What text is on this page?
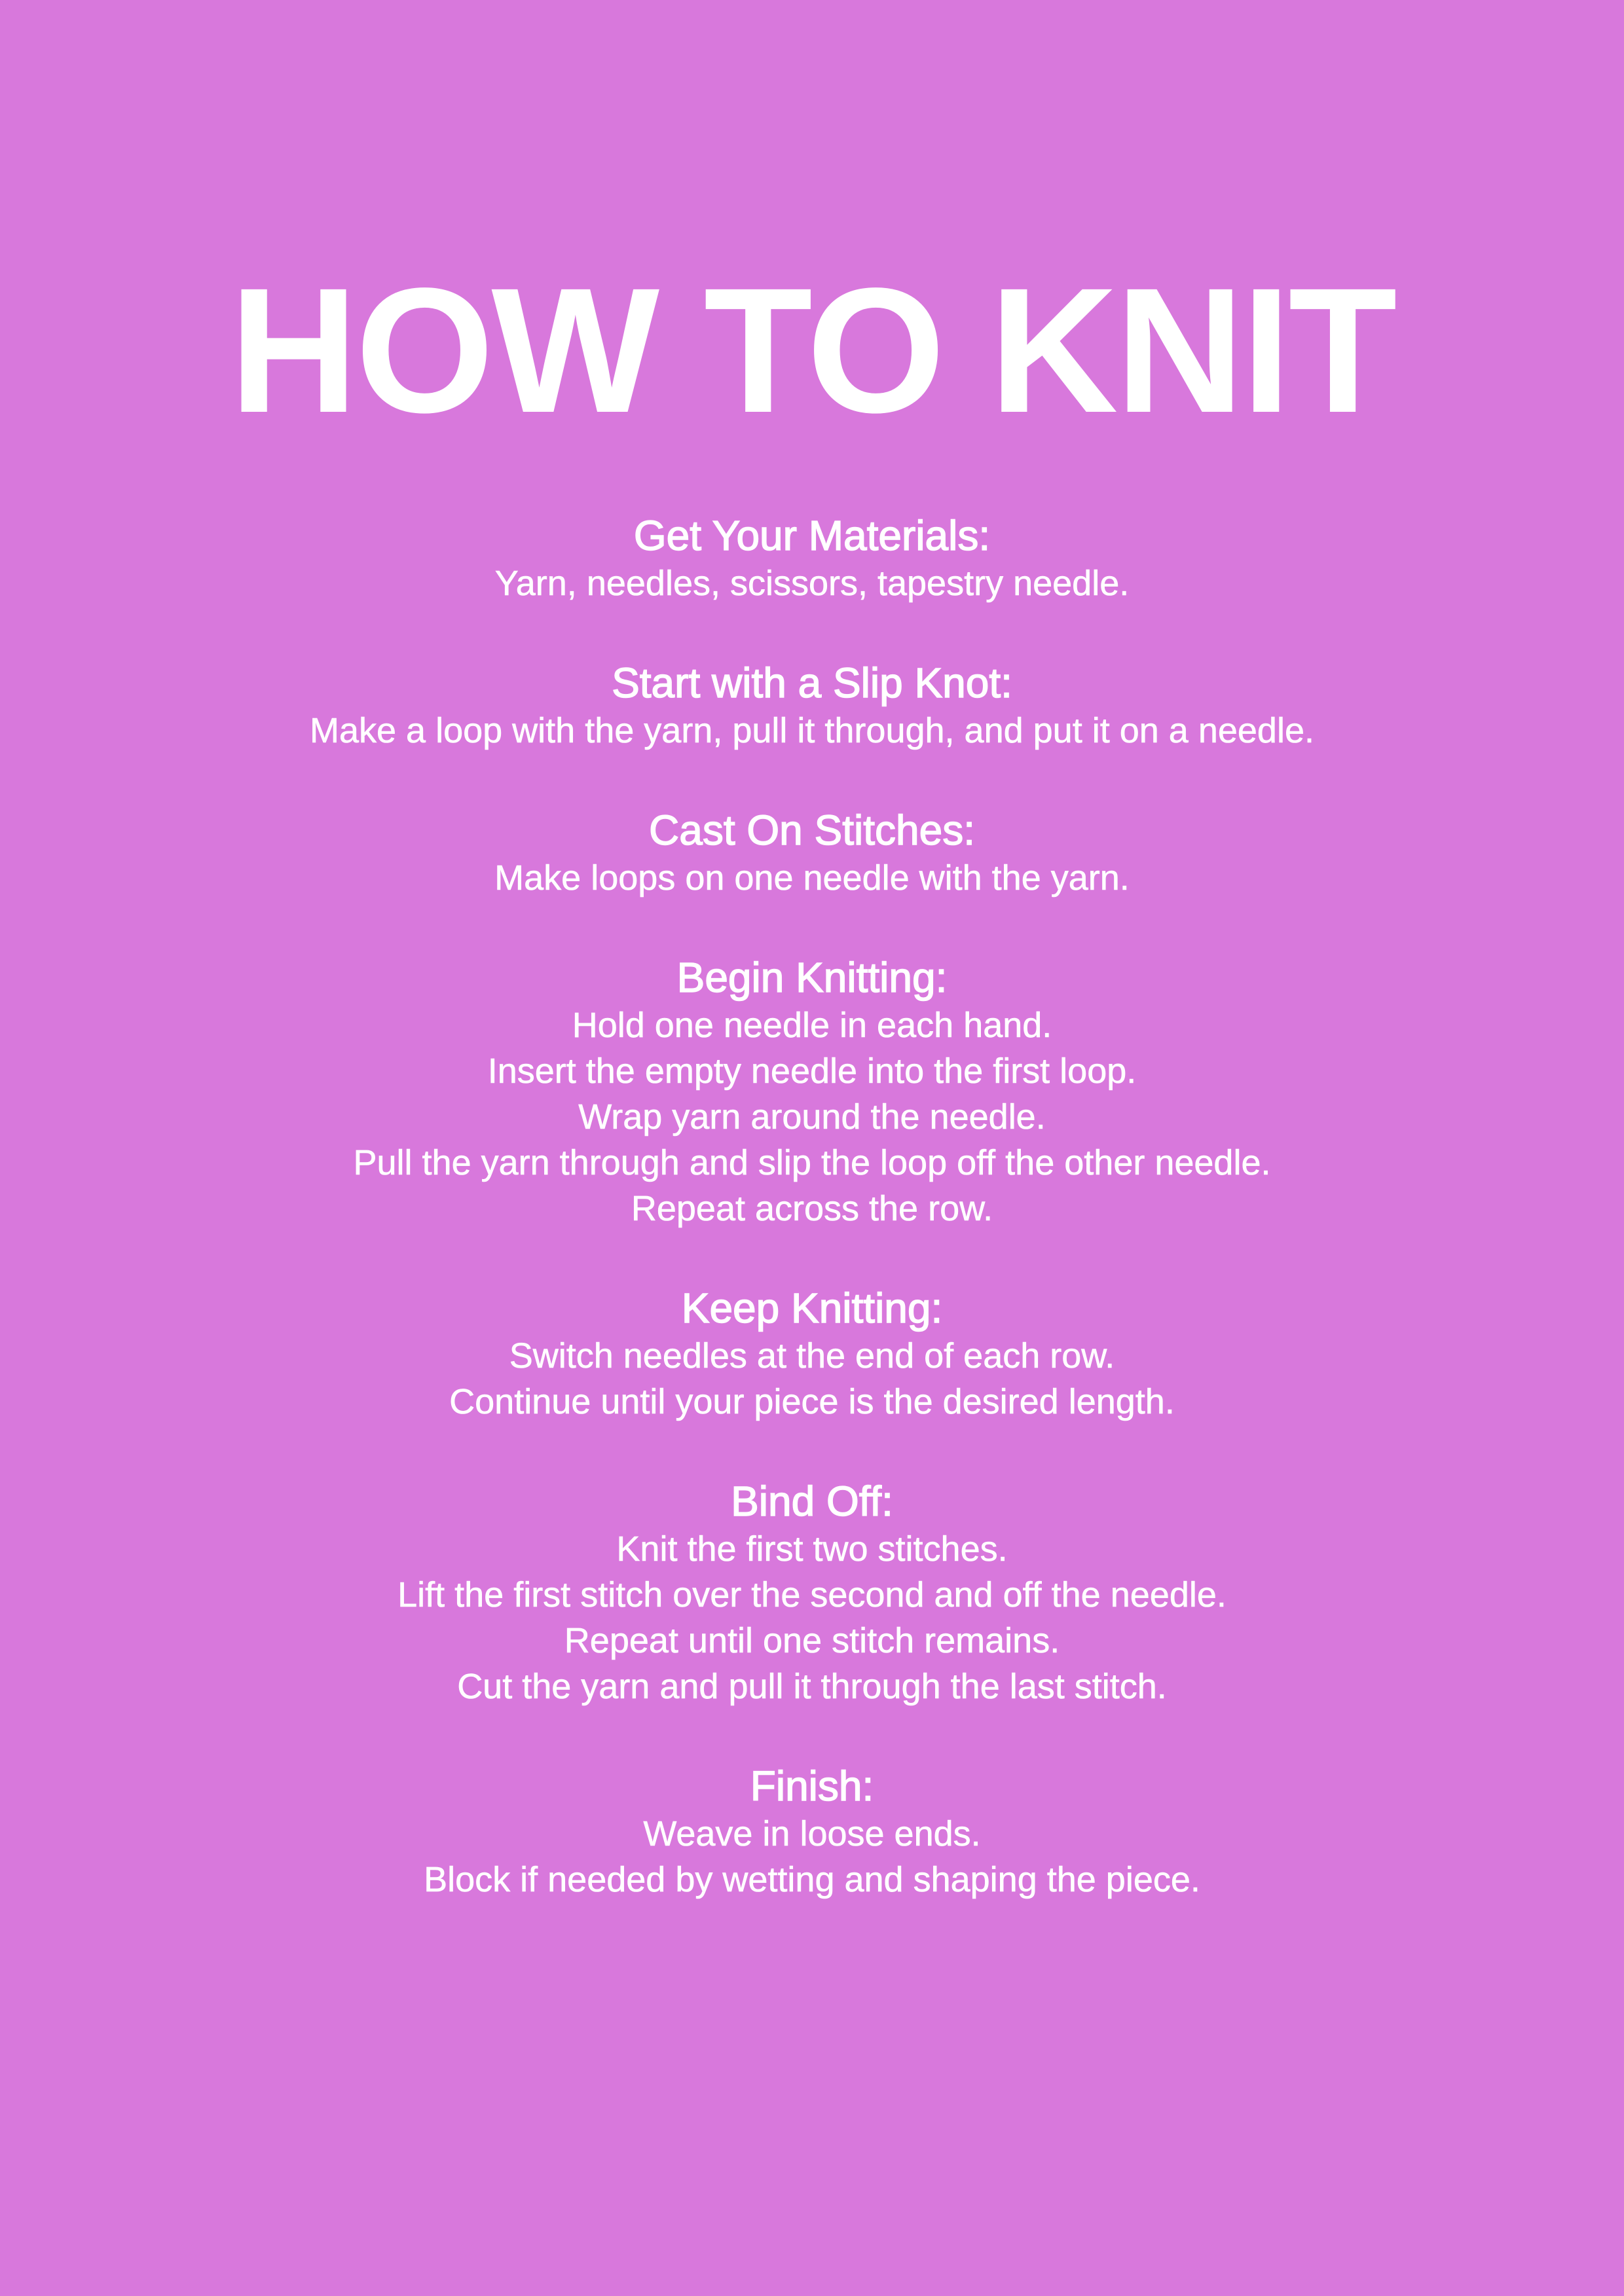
HOW TO KNIT

Get Your Materials:

Yarn, needles, scissors, tapestry needle.

Start with a Slip Knot:

Make a loop with the yarn, pull it through, and put it on a needle.

Cast On Stitches:

Make loops on one needle with the yarn.

Begin Knitting:

Hold one needle in each hand.

Insert the empty needle into the first loop.

Wrap yarn around the needle.

Pull the yarn through and slip the loop off the other needle.

Repeat across the row.

Keep Knitting:

Switch needles at the end of each row.

Continue until your piece is the desired length.

Bind Off:

Knit the first two stitches.

Lift the first stitch over the second and off the needle.

Repeat until one stitch remains.

Cut the yarn and pull it through the last stitch.

Finish:

Weave in loose ends.

Block if needed by wetting and shaping the piece.
